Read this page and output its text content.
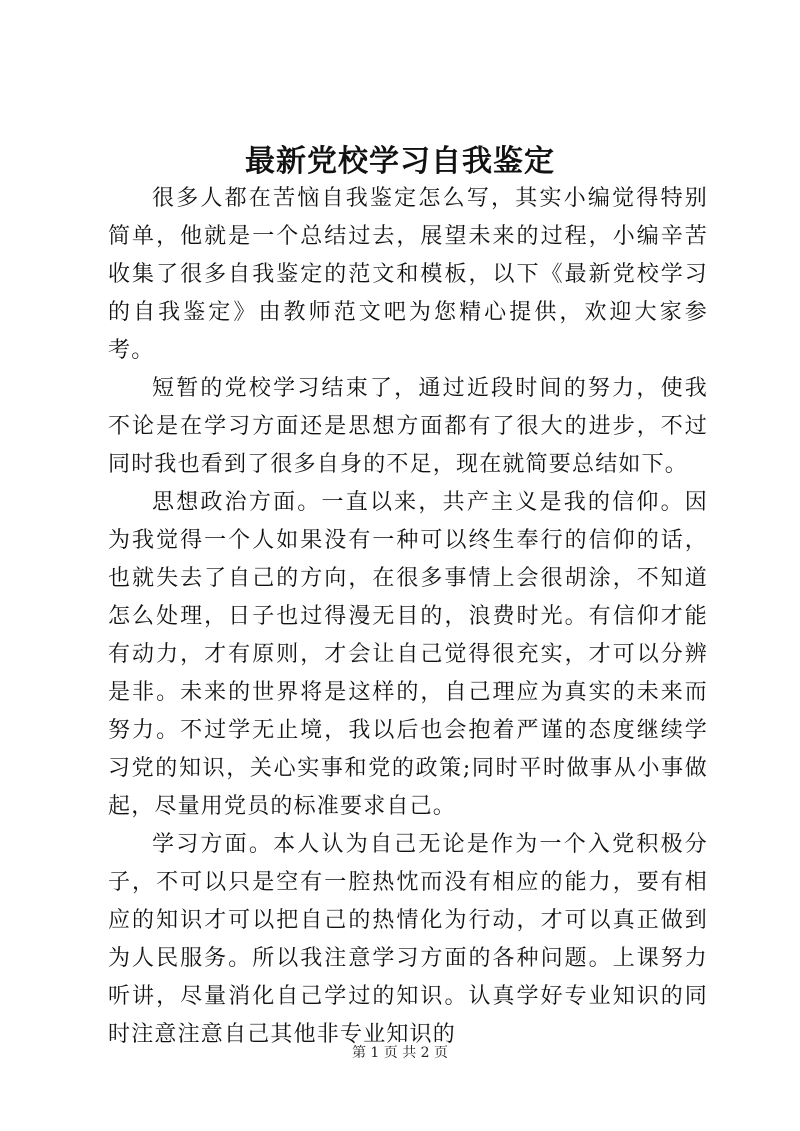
最新党校学习自我鉴定

很多人都在苦恼自我鉴定怎么写，其实小编觉得特别简单，他就是一个总结过去，展望未来的过程，小编辛苦收集了很多自我鉴定的范文和模板，以下《最新党校学习的自我鉴定》由教师范文吧为您精心提供，欢迎大家参考。

短暂的党校学习结束了，通过近段时间的努力，使我不论是在学习方面还是思想方面都有了很大的进步，不过同时我也看到了很多自身的不足，现在就简要总结如下。

思想政治方面。一直以来，共产主义是我的信仰。因为我觉得一个人如果没有一种可以终生奉行的信仰的话，也就失去了自己的方向，在很多事情上会很胡涂，不知道怎么处理，日子也过得漫无目的，浪费时光。有信仰才能有动力，才有原则，才会让自己觉得很充实，才可以分辨是非。未来的世界将是这样的，自己理应为真实的未来而努力。不过学无止境，我以后也会抱着严谨的态度继续学习党的知识，关心实事和党的政策;同时平时做事从小事做起，尽量用党员的标准要求自己。

学习方面。本人认为自己无论是作为一个入党积极分子，不可以只是空有一腔热忱而没有相应的能力，要有相应的知识才可以把自己的热情化为行动，才可以真正做到为人民服务。所以我注意学习方面的各种问题。上课努力听讲，尽量消化自己学过的知识。认真学好专业知识的同时注意注意自己其他非专业知识的

第 1 页 共 2 页
